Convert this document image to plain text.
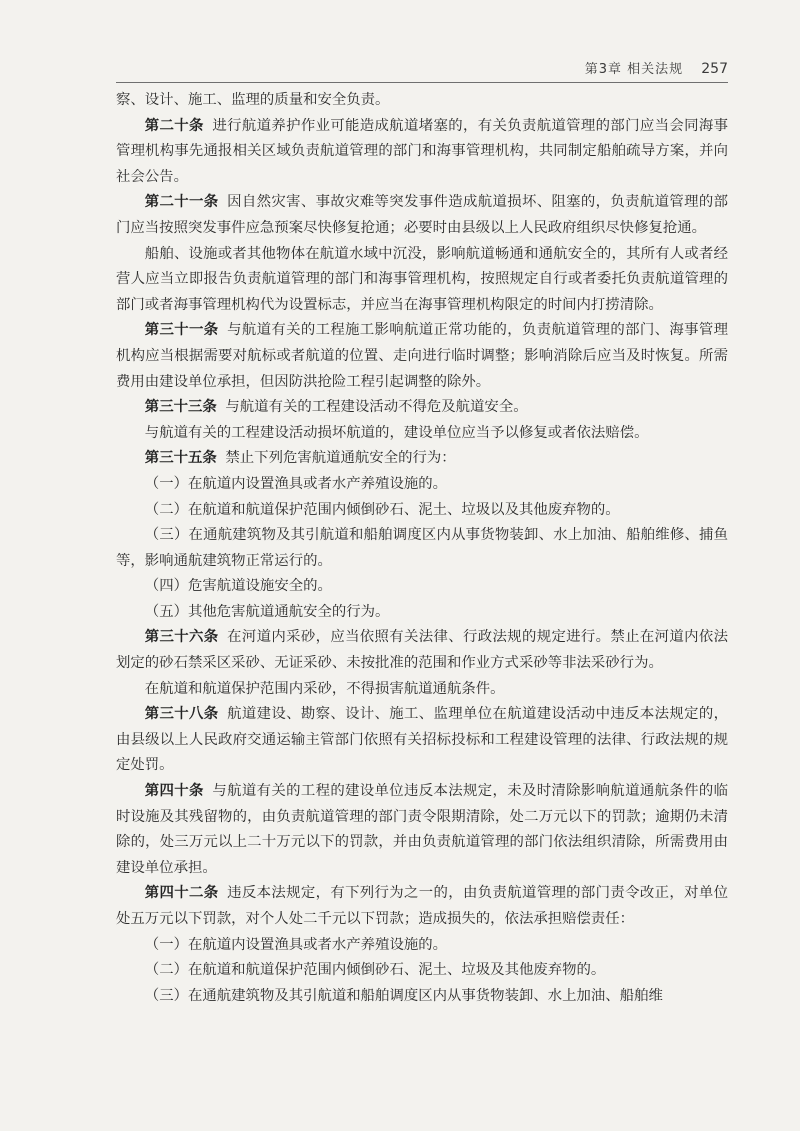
第3章 相关法规 257

察、设计、施工、监理的质量和安全负责。

第二十条 进行航道养护作业可能造成航道堵塞的，有关负责航道管理的部门应当会同海事管理机构事先通报相关区域负责航道管理的部门和海事管理机构，共同制定船舶疏导方案，并向社会公告。

第二十一条 因自然灾害、事故灾难等突发事件造成航道损坏、阻塞的，负责航道管理的部门应当按照突发事件应急预案尽快修复抢通；必要时由县级以上人民政府组织尽快修复抢通。

船舶、设施或者其他物体在航道水域中沉没，影响航道畅通和通航安全的，其所有人或者经营人应当立即报告负责航道管理的部门和海事管理机构，按照规定自行或者委托负责航道管理的部门或者海事管理机构代为设置标志，并应当在海事管理机构限定的时间内打捞清除。

第三十一条 与航道有关的工程施工影响航道正常功能的，负责航道管理的部门、海事管理机构应当根据需要对航标或者航道的位置、走向进行临时调整；影响消除后应当及时恢复。所需费用由建设单位承担，但因防洪抢险工程引起调整的除外。

第三十三条 与航道有关的工程建设活动不得危及航道安全。

与航道有关的工程建设活动损坏航道的，建设单位应当予以修复或者依法赔偿。

第三十五条 禁止下列危害航道通航安全的行为：

（一）在航道内设置渔具或者水产养殖设施的。

（二）在航道和航道保护范围内倾倒砂石、泥土、垃圾以及其他废弃物的。

（三）在通航建筑物及其引航道和船舶调度区内从事货物装卸、水上加油、船舶维修、捕鱼等，影响通航建筑物正常运行的。

（四）危害航道设施安全的。

（五）其他危害航道通航安全的行为。

第三十六条 在河道内采砂，应当依照有关法律、行政法规的规定进行。禁止在河道内依法划定的砂石禁采区采砂、无证采砂、未按批准的范围和作业方式采砂等非法采砂行为。

在航道和航道保护范围内采砂，不得损害航道通航条件。

第三十八条 航道建设、勘察、设计、施工、监理单位在航道建设活动中违反本法规定的，由县级以上人民政府交通运输主管部门依照有关招标投标和工程建设管理的法律、行政法规的规定处罚。

第四十条 与航道有关的工程的建设单位违反本法规定，未及时清除影响航道通航条件的临时设施及其残留物的，由负责航道管理的部门责令限期清除，处二万元以下的罚款；逾期仍未清除的，处三万元以上二十万元以下的罚款，并由负责航道管理的部门依法组织清除，所需费用由建设单位承担。

第四十二条 违反本法规定，有下列行为之一的，由负责航道管理的部门责令改正，对单位处五万元以下罚款，对个人处二千元以下罚款；造成损失的，依法承担赔偿责任：

（一）在航道内设置渔具或者水产养殖设施的。

（二）在航道和航道保护范围内倾倒砂石、泥土、垃圾及其他废弃物的。

（三）在通航建筑物及其引航道和船舶调度区内从事货物装卸、水上加油、船舶维
